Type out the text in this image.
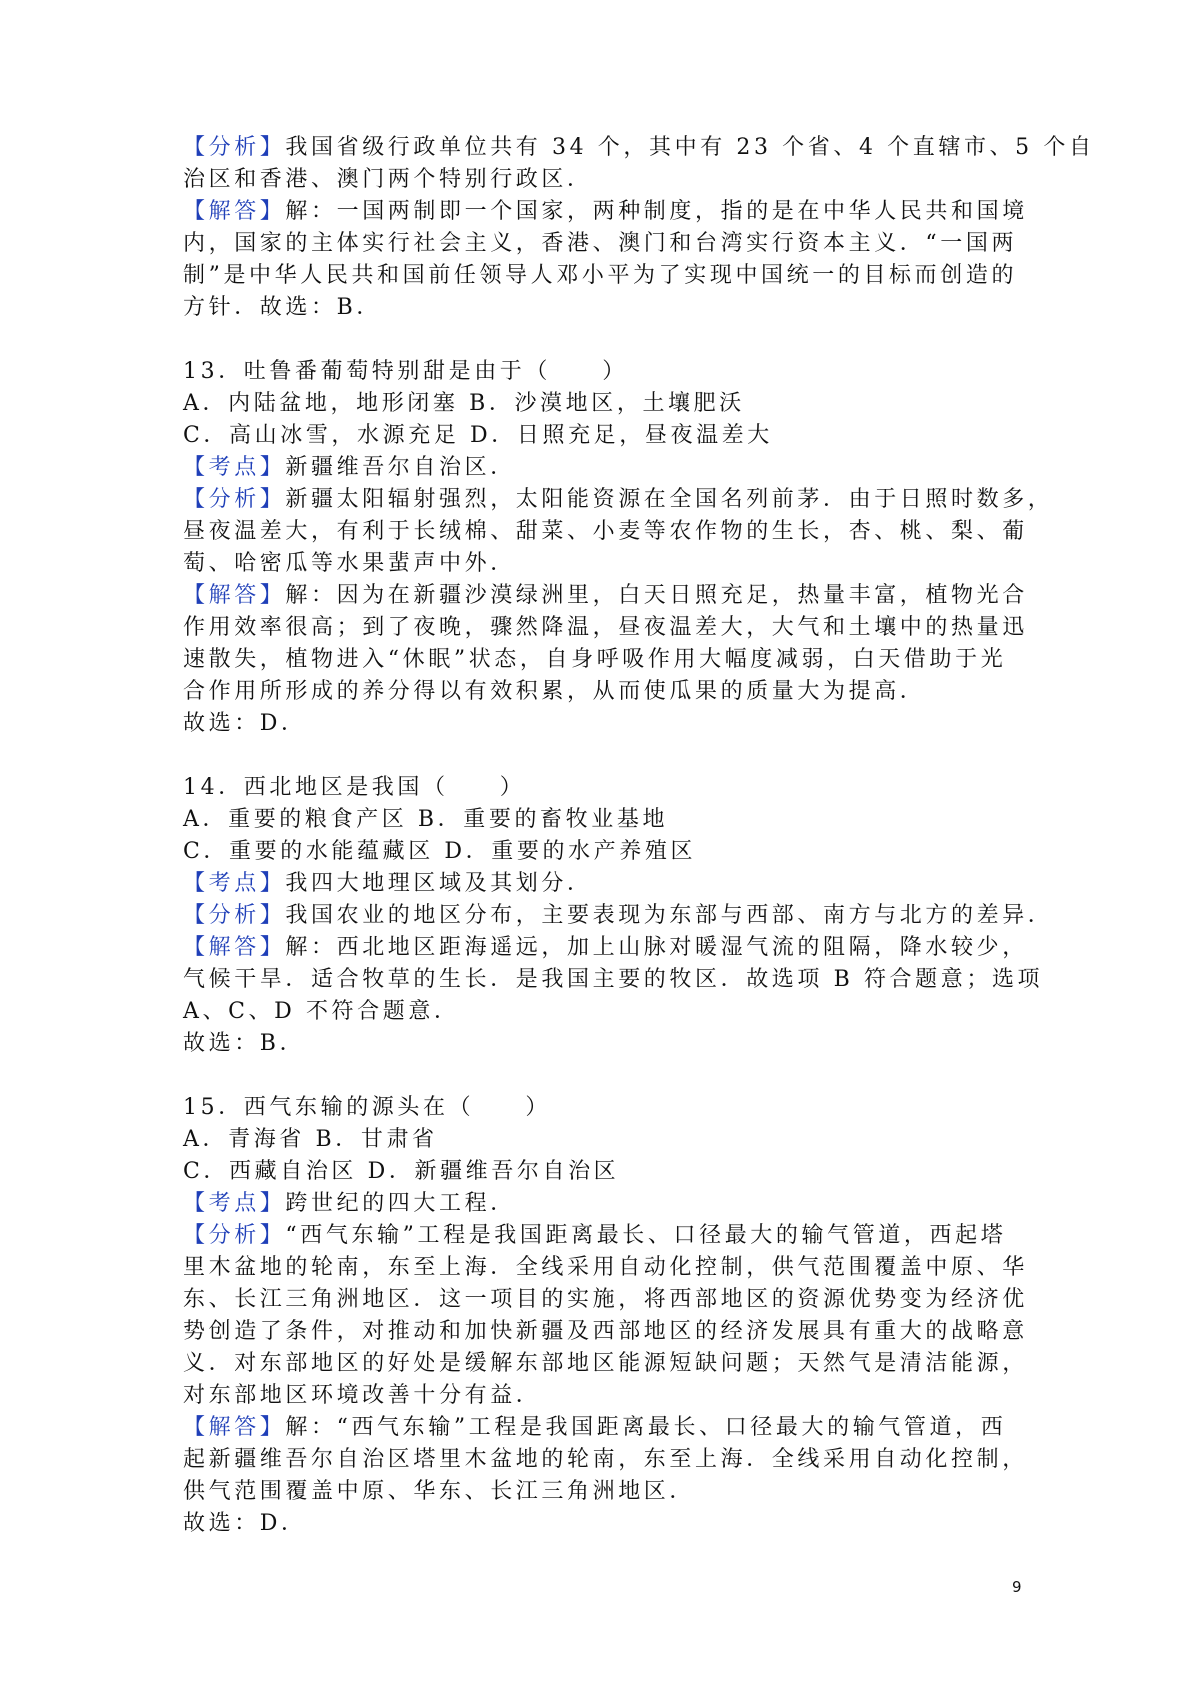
【分析】我国省级行政单位共有 34 个，其中有 23 个省、4 个直辖市、5 个自
治区和香港、澳门两个特别行政区．
【解答】解：一国两制即一个国家，两种制度，指的是在中华人民共和国境
内，国家的主体实行社会主义，香港、澳门和台湾实行资本主义．“一国两
制”是中华人民共和国前任领导人邓小平为了实现中国统一的目标而创造的
方针．故选：B．
13．吐鲁番葡萄特别甜是由于（　　）
A．内陆盆地，地形闭塞 B．沙漠地区，土壤肥沃
C．高山冰雪，水源充足 D．日照充足，昼夜温差大
【考点】新疆维吾尔自治区．
【分析】新疆太阳辐射强烈，太阳能资源在全国名列前茅．由于日照时数多，
昼夜温差大，有利于长绒棉、甜菜、小麦等农作物的生长，杏、桃、梨、葡
萄、哈密瓜等水果蜚声中外．
【解答】解：因为在新疆沙漠绿洲里，白天日照充足，热量丰富，植物光合
作用效率很高；到了夜晚，骤然降温，昼夜温差大，大气和土壤中的热量迅
速散失，植物进入“休眠”状态，自身呼吸作用大幅度减弱，白天借助于光
合作用所形成的养分得以有效积累，从而使瓜果的质量大为提高．
故选：D．
14．西北地区是我国（　　）
A．重要的粮食产区 B．重要的畜牧业基地
C．重要的水能蕴藏区 D．重要的水产养殖区
【考点】我四大地理区域及其划分．
【分析】我国农业的地区分布，主要表现为东部与西部、南方与北方的差异．
【解答】解：西北地区距海遥远，加上山脉对暖湿气流的阻隔，降水较少，
气候干旱．适合牧草的生长．是我国主要的牧区．故选项 B 符合题意；选项
A、C、D 不符合题意．
故选：B．
15．西气东输的源头在（　　）
A．青海省 B．甘肃省
C．西藏自治区 D．新疆维吾尔自治区
【考点】跨世纪的四大工程．
【分析】“西气东输”工程是我国距离最长、口径最大的输气管道，西起塔
里木盆地的轮南，东至上海．全线采用自动化控制，供气范围覆盖中原、华
东、长江三角洲地区．这一项目的实施，将西部地区的资源优势变为经济优
势创造了条件，对推动和加快新疆及西部地区的经济发展具有重大的战略意
义．对东部地区的好处是缓解东部地区能源短缺问题；天然气是清洁能源，
对东部地区环境改善十分有益．
【解答】解：“西气东输”工程是我国距离最长、口径最大的输气管道，西
起新疆维吾尔自治区塔里木盆地的轮南，东至上海．全线采用自动化控制，
供气范围覆盖中原、华东、长江三角洲地区．
故选：D．
9
